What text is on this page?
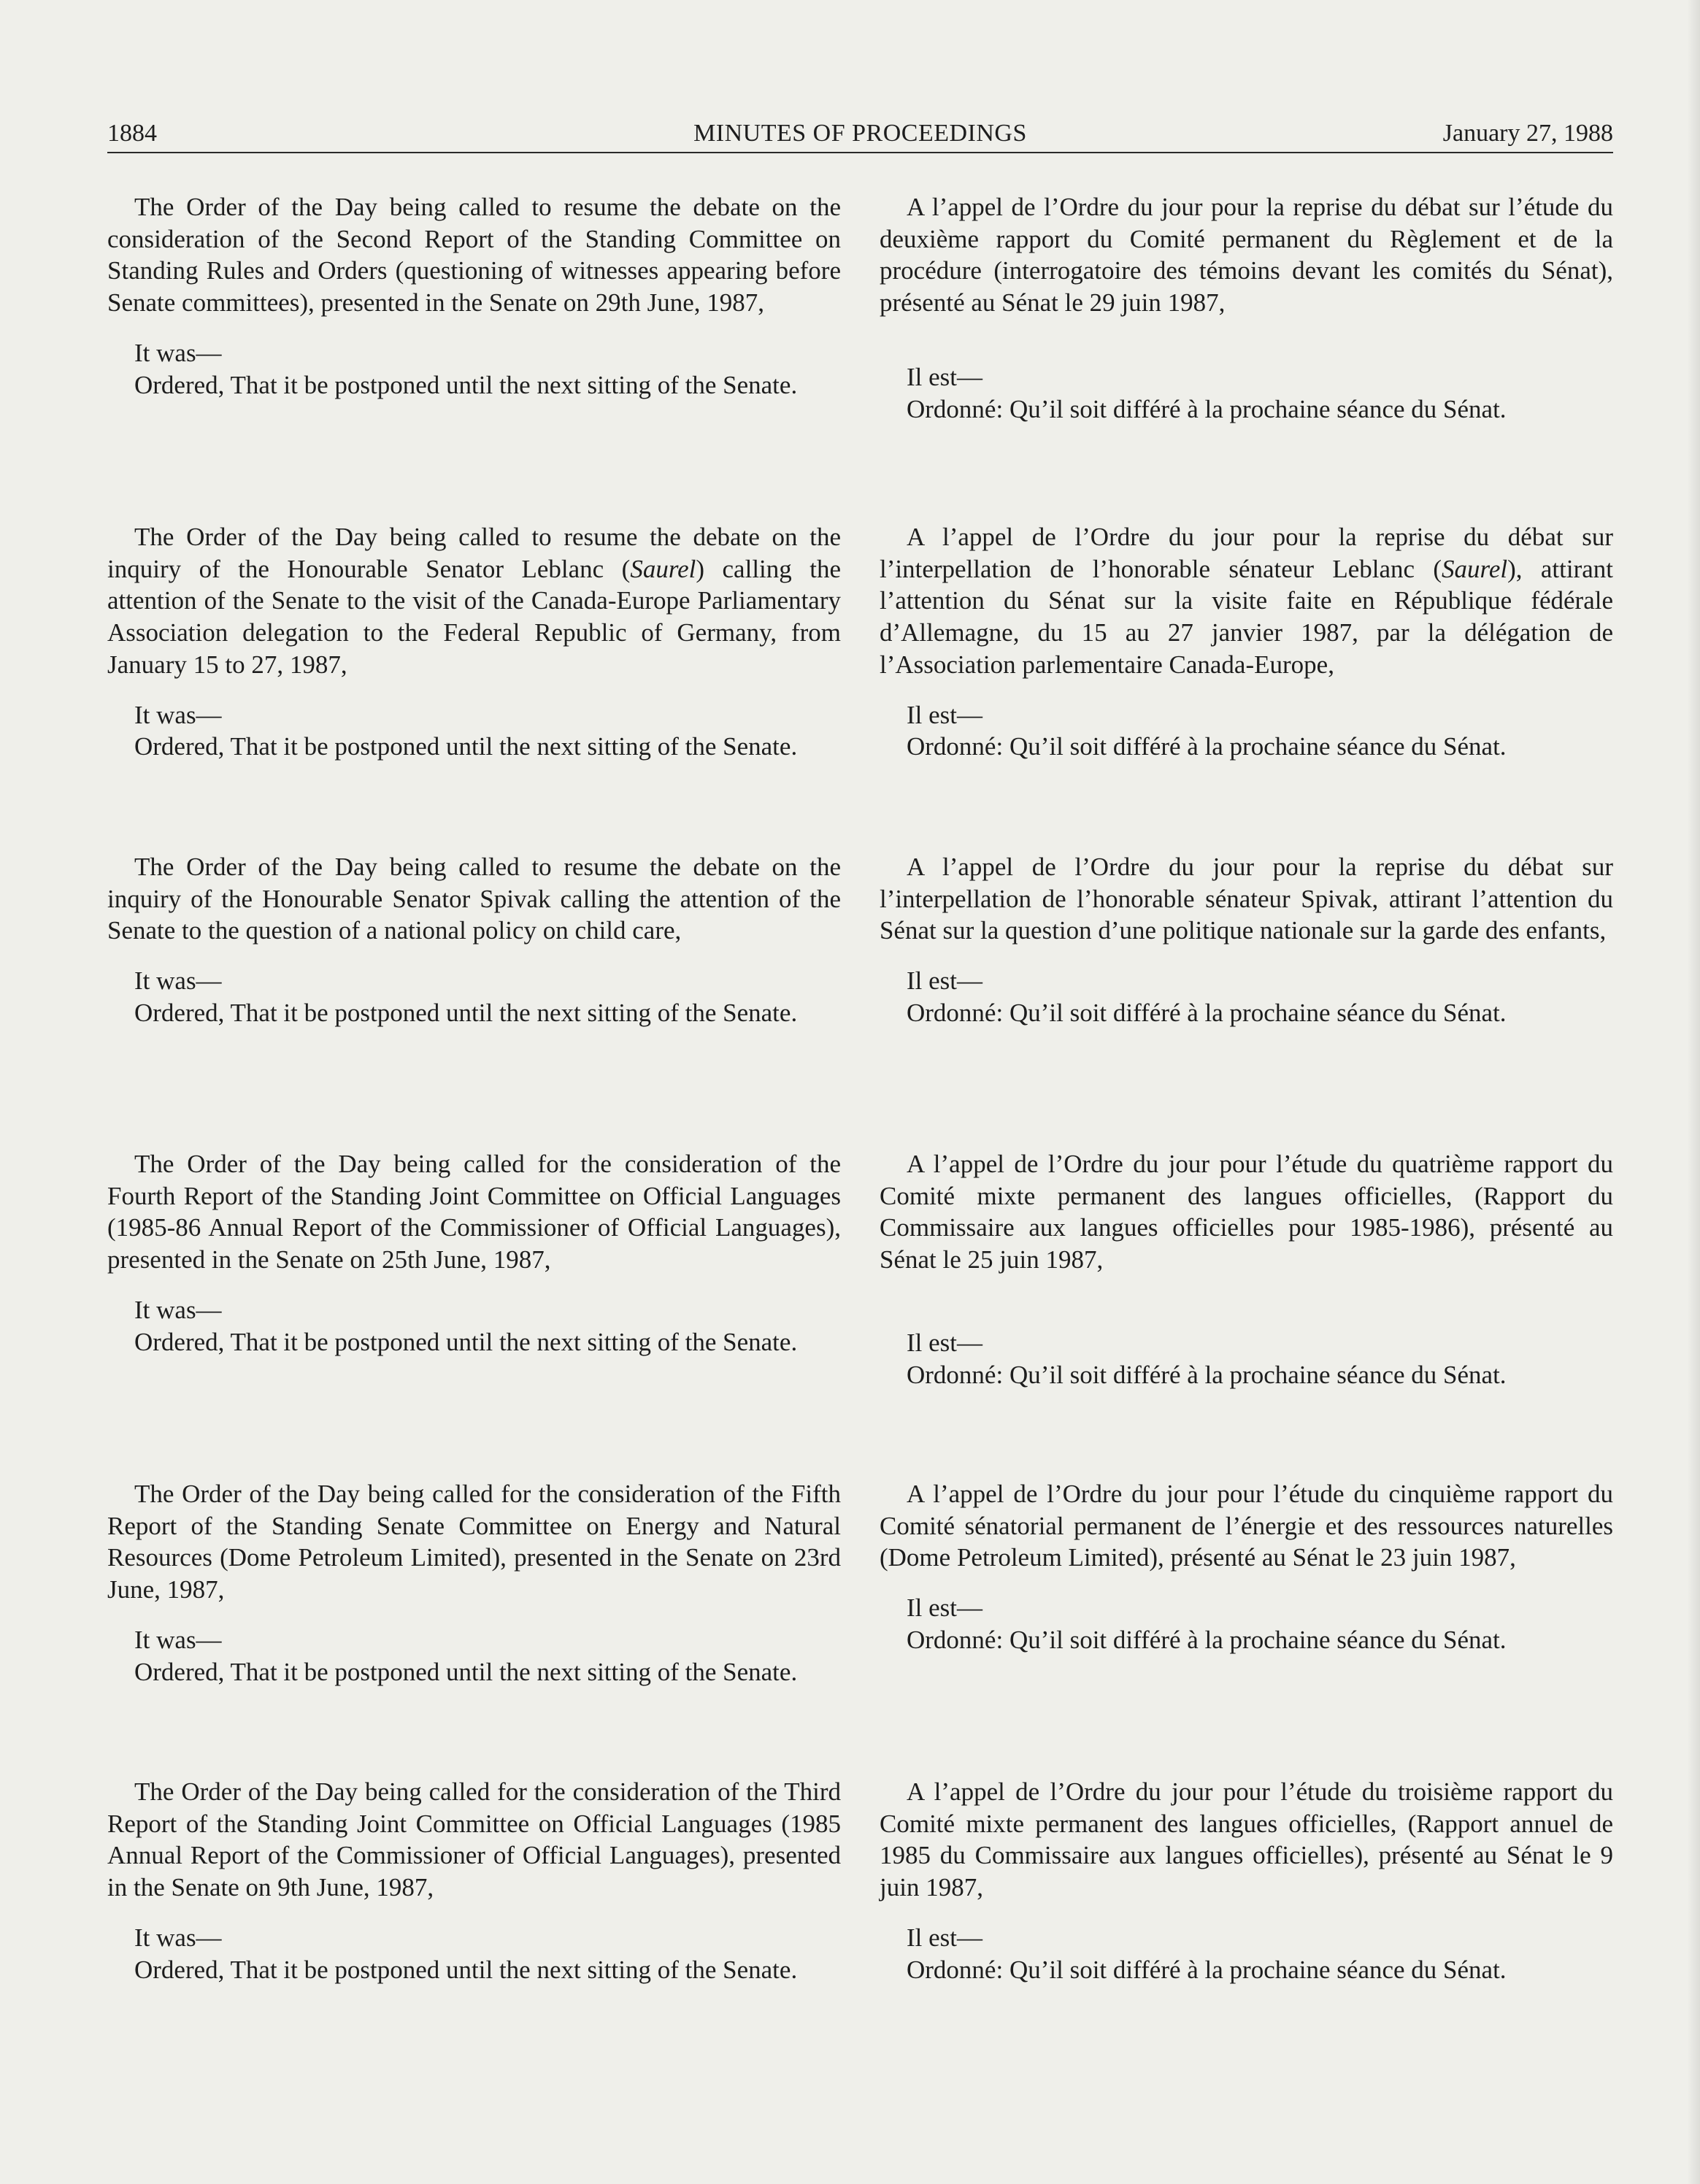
1884	MINUTES OF PROCEEDINGS	January 27, 1988

The Order of the Day being called to resume the debate on the consideration of the Second Report of the Standing Committee on Standing Rules and Orders (questioning of witnesses appearing before Senate committees), presented in the Senate on 29th June, 1987,

It was—
Ordered, That it be postponed until the next sitting of the Senate.

The Order of the Day being called to resume the debate on the inquiry of the Honourable Senator Leblanc (Saurel) calling the attention of the Senate to the visit of the Canada-Europe Parliamentary Association delegation to the Federal Republic of Germany, from January 15 to 27, 1987,

It was—
Ordered, That it be postponed until the next sitting of the Senate.

The Order of the Day being called to resume the debate on the inquiry of the Honourable Senator Spivak calling the attention of the Senate to the question of a national policy on child care,

It was—
Ordered, That it be postponed until the next sitting of the Senate.

The Order of the Day being called for the consideration of the Fourth Report of the Standing Joint Committee on Official Languages (1985-86 Annual Report of the Commissioner of Official Languages), presented in the Senate on 25th June, 1987,

It was—
Ordered, That it be postponed until the next sitting of the Senate.

The Order of the Day being called for the consideration of the Fifth Report of the Standing Senate Committee on Energy and Natural Resources (Dome Petroleum Limited), presented in the Senate on 23rd June, 1987,

It was—
Ordered, That it be postponed until the next sitting of the Senate.

The Order of the Day being called for the consideration of the Third Report of the Standing Joint Committee on Official Languages (1985 Annual Report of the Commissioner of Official Languages), presented in the Senate on 9th June, 1987,

It was—
Ordered, That it be postponed until the next sitting of the Senate.

A l’appel de l’Ordre du jour pour la reprise du débat sur l’étude du deuxième rapport du Comité permanent du Règlement et de la procédure (interrogatoire des témoins devant les comités du Sénat), présenté au Sénat le 29 juin 1987,

Il est—
Ordonné: Qu’il soit différé à la prochaine séance du Sénat.

A l’appel de l’Ordre du jour pour la reprise du débat sur l’interpellation de l’honorable sénateur Leblanc (Saurel), attirant l’attention du Sénat sur la visite faite en République fédérale d’Allemagne, du 15 au 27 janvier 1987, par la délégation de l’Association parlementaire Canada-Europe,

Il est—
Ordonné: Qu’il soit différé à la prochaine séance du Sénat.

A l’appel de l’Ordre du jour pour la reprise du débat sur l’interpellation de l’honorable sénateur Spivak, attirant l’attention du Sénat sur la question d’une politique nationale sur la garde des enfants,

Il est—
Ordonné: Qu’il soit différé à la prochaine séance du Sénat.

A l’appel de l’Ordre du jour pour l’étude du quatrième rapport du Comité mixte permanent des langues officielles, (Rapport du Commissaire aux langues officielles pour 1985-1986), présenté au Sénat le 25 juin 1987,

Il est—
Ordonné: Qu’il soit différé à la prochaine séance du Sénat.

A l’appel de l’Ordre du jour pour l’étude du cinquième rapport du Comité sénatorial permanent de l’énergie et des ressources naturelles (Dome Petroleum Limited), présenté au Sénat le 23 juin 1987,

Il est—
Ordonné: Qu’il soit différé à la prochaine séance du Sénat.

A l’appel de l’Ordre du jour pour l’étude du troisième rapport du Comité mixte permanent des langues officielles, (Rapport annuel de 1985 du Commissaire aux langues officielles), présenté au Sénat le 9 juin 1987,

Il est—
Ordonné: Qu’il soit différé à la prochaine séance du Sénat.
